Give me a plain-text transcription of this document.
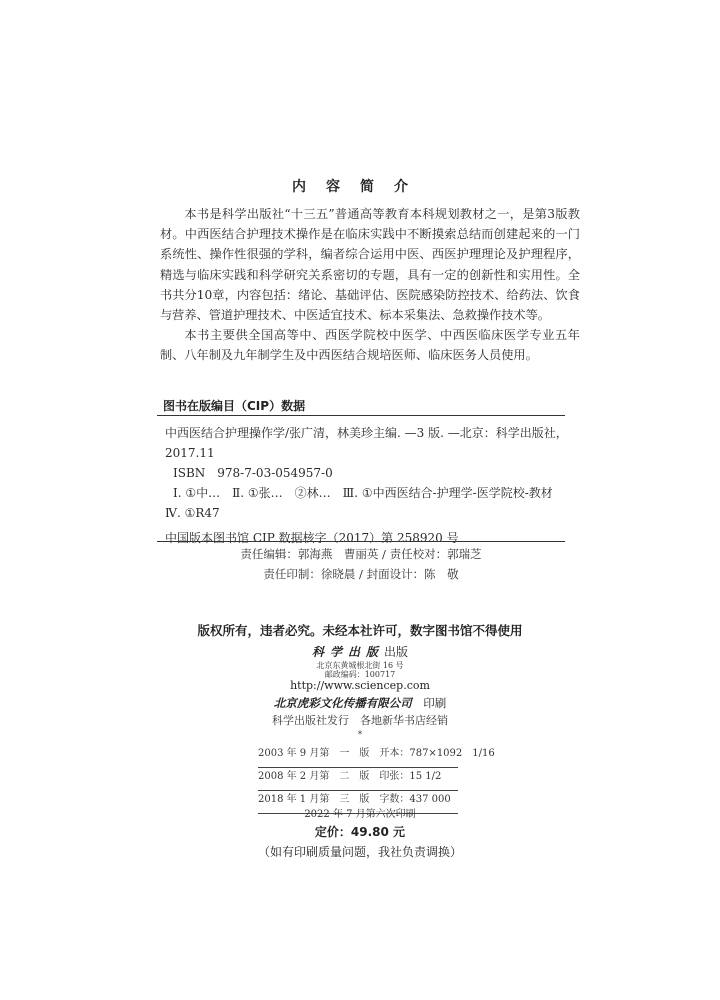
内容简介

本书是科学出版社“十三五”普通高等教育本科规划教材之一，是第3版教材。中西医结合护理技术操作是在临床实践中不断摸索总结而创建起来的一门系统性、操作性很强的学科，编者综合运用中医、西医护理理论及护理程序，精选与临床实践和科学研究关系密切的专题，具有一定的创新性和实用性。全书共分10章，内容包括：绪论、基础评估、医院感染防控技术、给药法、饮食与营养、管道护理技术、中医适宜技术、标本采集法、急救操作技术等。

本书主要供全国高等中、西医学院校中医学、中西医临床医学专业五年制、八年制及九年制学生及中西医结合规培医师、临床医务人员使用。

图书在版编目（CIP）数据
中西医结合护理操作学/张广清，林美珍主编. —3 版. —北京：科学出版社，
2017.11
ISBN　978-7-03-054957-0
Ⅰ. ①中…　Ⅱ. ①张…　②林…　Ⅲ. ①中西医结合-护理学-医学院校-教材
Ⅳ. ①R47
中国版本图书馆 CIP 数据核字（2017）第 258920 号
责任编辑：郭海燕　曹丽英 / 责任校对：郭瑞芝
责任印制：徐晓晨 / 封面设计：陈　敬
版权所有，违者必究。未经本社许可，数字图书馆不得使用
科学出版出版
北京东黄城根北街 16 号
邮政编码：100717
http://www.sciencep.com
北京虎彩文化传播有限公司　 印刷
科学出版社发行　各地新华书店经销
*
2003 年 9 月第　一　版　开本：787×1092　1/16
2008 年 2 月第　二　版　印张：15 1/2
2018 年 1 月第　三　版　字数：437 000
2022 年 7 月第六次印刷
定价：49.80 元
（如有印刷质量问题，我社负责调换）
